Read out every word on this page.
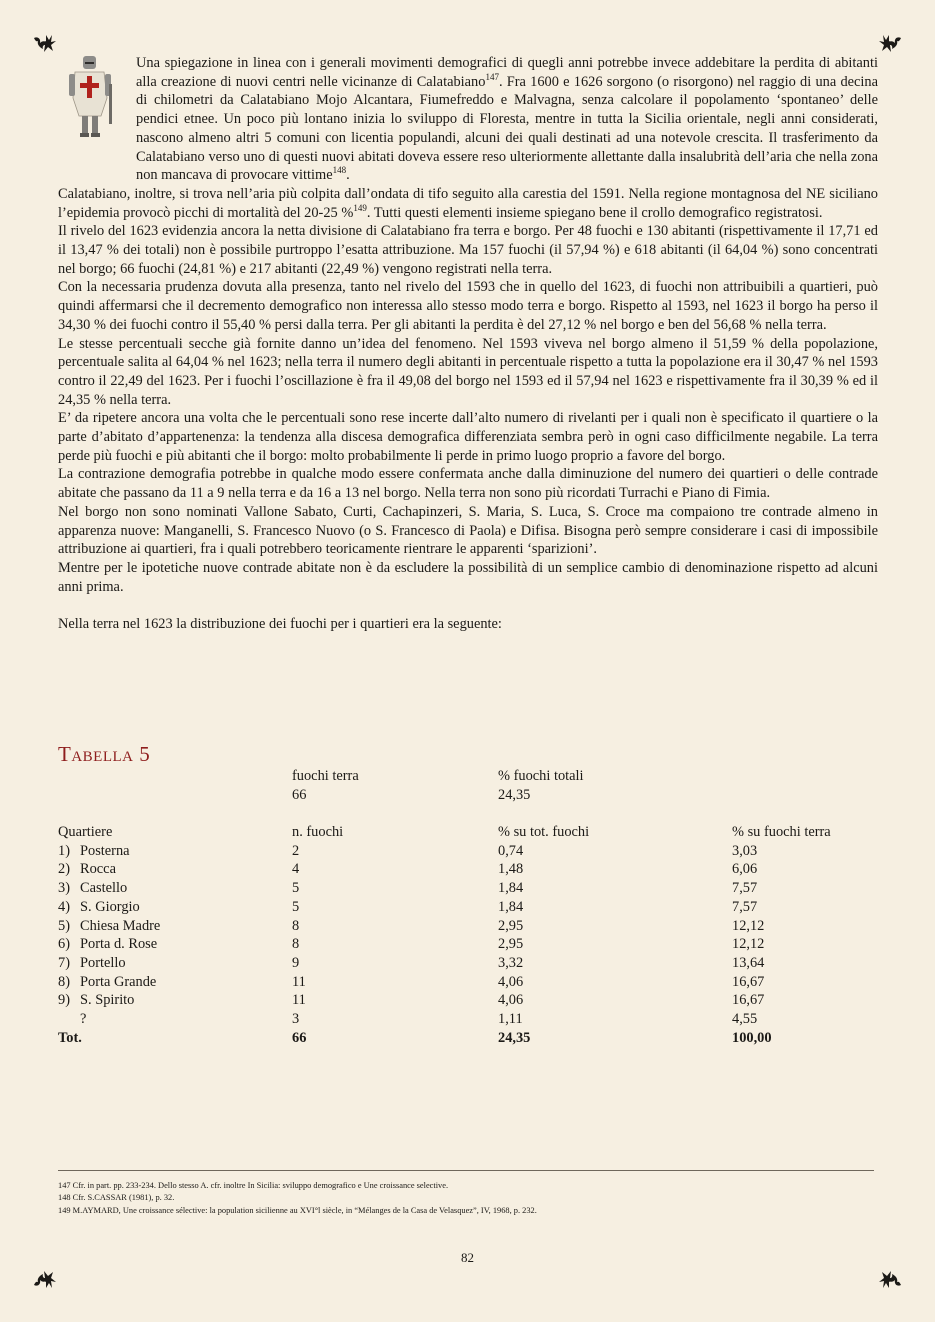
Una spiegazione in linea con i generali movimenti demografici di quegli anni potrebbe invece addebitare la perdita di abitanti alla creazione di nuovi centri nelle vicinanze di Calatabiano$^{147}$. Fra 1600 e 1626 sorgono (o risorgono) nel raggio di una decina di chilometri da Calatabiano Mojo Alcantara, Fiumefreddo e Malvagna, senza calcolare il popolamento ‘spontaneo’ delle pendici etnee. Un poco più lontano inizia lo sviluppo di Floresta, mentre in tutta la Sicilia orientale, negli anni considerati, nascono almeno altri 5 comuni con licentia populandi, alcuni dei quali destinati ad una notevole crescita. Il trasferimento da Calatabiano verso uno di questi nuovi abitati doveva essere reso ulteriormente allettante dalla insalubrità dell’aria che nella zona non mancava di provocare vittime$^{148}$.

Calatabiano, inoltre, si trova nell’aria più colpita dall’ondata di tifo seguito alla carestia del 1591. Nella regione montagnosa del NE siciliano l’epidemia provocò picchi di mortalità del 20-25 %$^{149}$. Tutti questi elementi insieme spiegano bene il crollo demografico registratosi.

Il rivelo del 1623 evidenzia ancora la netta divisione di Calatabiano fra terra e borgo. Per 48 fuochi e 130 abitanti (rispettivamente il 17,71 ed il 13,47 % dei totali) non è possibile purtroppo l’esatta attribuzione. Ma 157 fuochi (il 57,94 %) e 618 abitanti (il 64,04 %) sono concentrati nel borgo; 66 fuochi (24,81 %) e 217 abitanti (22,49 %) vengono registrati nella terra.

Con la necessaria prudenza dovuta alla presenza, tanto nel rivelo del 1593 che in quello del 1623, di fuochi non attribuibili a quartieri, può quindi affermarsi che il decremento demografico non interessa allo stesso modo terra e borgo. Rispetto al 1593, nel 1623 il borgo ha perso il 34,30 % dei fuochi contro il 55,40 % persi dalla terra. Per gli abitanti la perdita è del 27,12 % nel borgo e ben del 56,68 % nella terra.

Le stesse percentuali secche già fornite danno un’idea del fenomeno. Nel 1593 viveva nel borgo almeno il 51,59 % della popolazione, percentuale salita al 64,04 % nel 1623; nella terra il numero degli abitanti in percentuale rispetto a tutta la popolazione era il 30,47 % nel 1593 contro il 22,49 del 1623. Per i fuochi l’oscillazione è fra il 49,08 del borgo nel 1593 ed il 57,94 nel 1623 e rispettivamente fra il 30,39 % ed il 24,35 % nella terra.

E’ da ripetere ancora una volta che le percentuali sono rese incerte dall’alto numero di rivelanti per i quali non è specificato il quartiere o la parte d’abitato d’appartenenza: la tendenza alla discesa demografica differenziata sembra però in ogni caso difficilmente negabile. La terra perde più fuochi e più abitanti che il borgo: molto probabilmente li perde in primo luogo proprio a favore del borgo.

La contrazione demografia potrebbe in qualche modo essere confermata anche dalla diminuzione del numero dei quartieri o delle contrade abitate che passano da 11 a 9 nella terra e da 16 a 13 nel borgo. Nella terra non sono più ricordati Turrachi e Piano di Fimia.

Nel borgo non sono nominati Vallone Sabato, Curti, Cachapinzeri, S. Maria, S. Luca, S. Croce ma compaiono tre contrade almeno in apparenza nuove: Manganelli, S. Francesco Nuovo (o S. Francesco di Paola) e Difisa. Bisogna però sempre considerare i casi di impossibile attribuzione ai quartieri, fra i quali potrebbero teoricamente rientrare le apparenti ‘sparizioni’.

Mentre per le ipotetiche nuove contrade abitate non è da escludere la possibilità di un semplice cambio di denominazione rispetto ad alcuni anni prima.

Nella terra nel 1623 la distribuzione dei fuochi per i quartieri era la seguente:

Tabella 5
fuochi terra	% fuochi totali
66	24,35
Quartiere	n. fuochi	% su tot. fuochi	% su fuochi terra
1) Posterna	2	0,74	3,03
2) Rocca	4	1,48	6,06
3) Castello	5	1,84	7,57
4) S. Giorgio	5	1,84	7,57
5) Chiesa Madre	8	2,95	12,12
6) Porta d. Rose	8	2,95	12,12
7) Portello	9	3,32	13,64
8) Porta Grande	11	4,06	16,67
9) S. Spirito	11	4,06	16,67
?	3	1,11	4,55
Tot.	66	24,35	100,00
147 Cfr. in part. pp. 233-234. Dello stesso A. cfr. inoltre In Sicilia: sviluppo demografico e Une croissance selective.
148 Cfr. S.CASSAR (1981), p. 32.
149 M.AYMARD, Une croissance sélective: la population sicilienne au XVI°l siècle, in “Mélanges de la Casa de Velasquez”, IV, 1968, p. 232.
82
